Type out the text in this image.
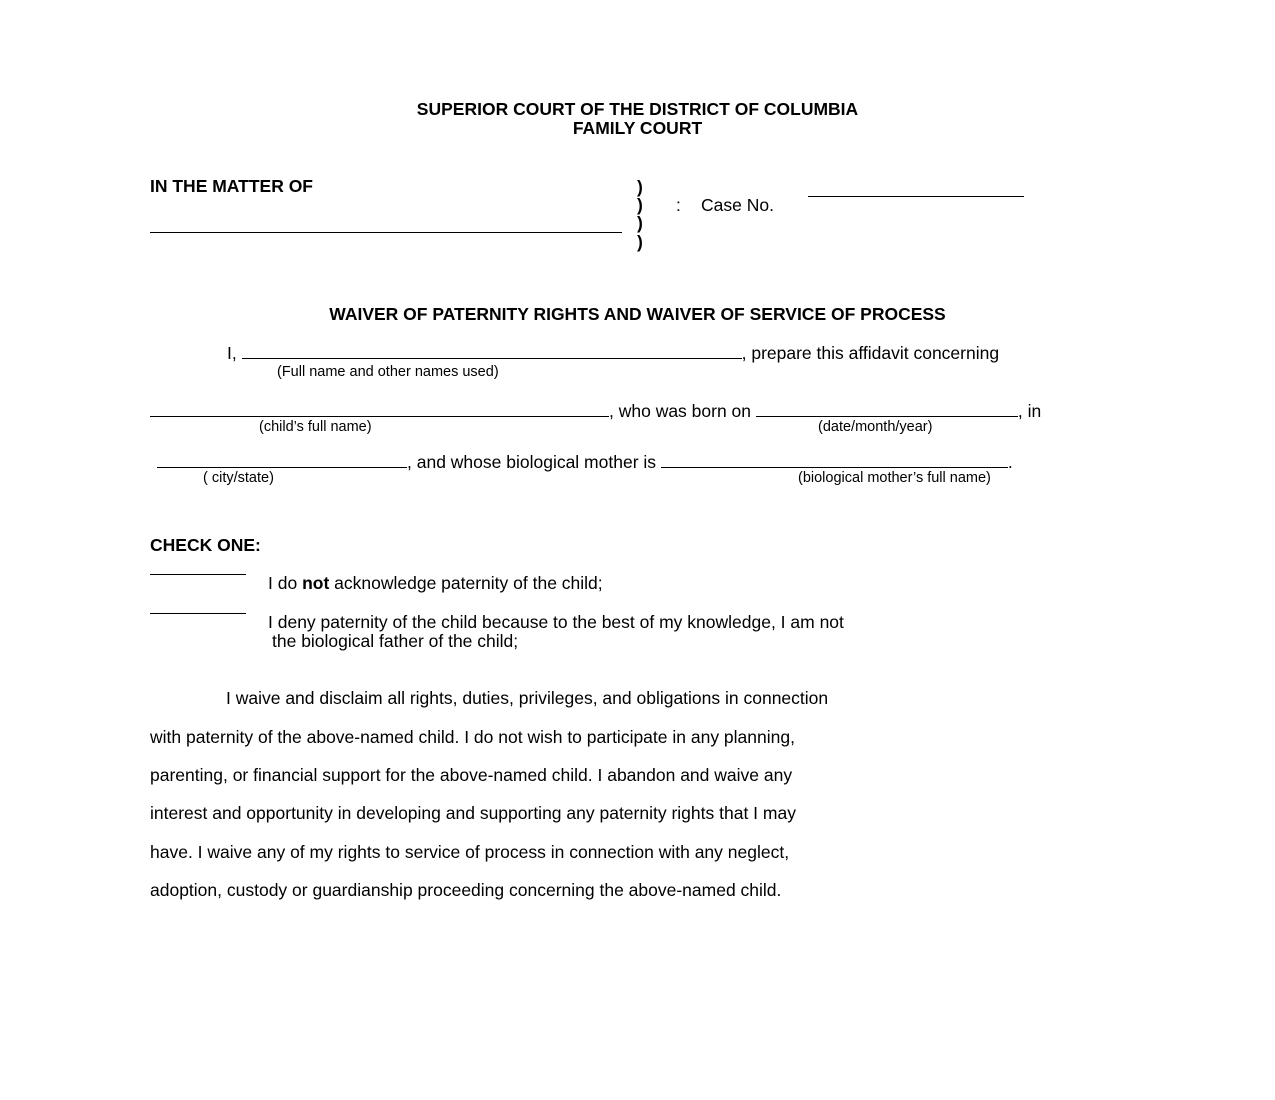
SUPERIOR COURT OF THE DISTRICT OF COLUMBIA
FAMILY COURT
IN THE MATTER OF	)
)
)
)
: Case No.
WAIVER OF PATERNITY RIGHTS AND WAIVER OF SERVICE OF PROCESS
I,	, prepare this affidavit concerning
(Full name and other names used)
, who was born on	, in
(child’s full name)	(date/month/year)
, and whose biological mother is	.
( city/state)	(biological mother’s full name)
CHECK ONE:
I do not acknowledge paternity of the child;
I deny paternity of the child because to the best of my knowledge, I am not
the biological father of the child;
I waive and disclaim all rights, duties, privileges, and obligations in connection
with paternity of the above-named child. I do not wish to participate in any planning,
parenting, or financial support for the above-named child. I abandon and waive any
interest and opportunity in developing and supporting any paternity rights that I may
have. I waive any of my rights to service of process in connection with any neglect,
adoption, custody or guardianship proceeding concerning the above-named child.
